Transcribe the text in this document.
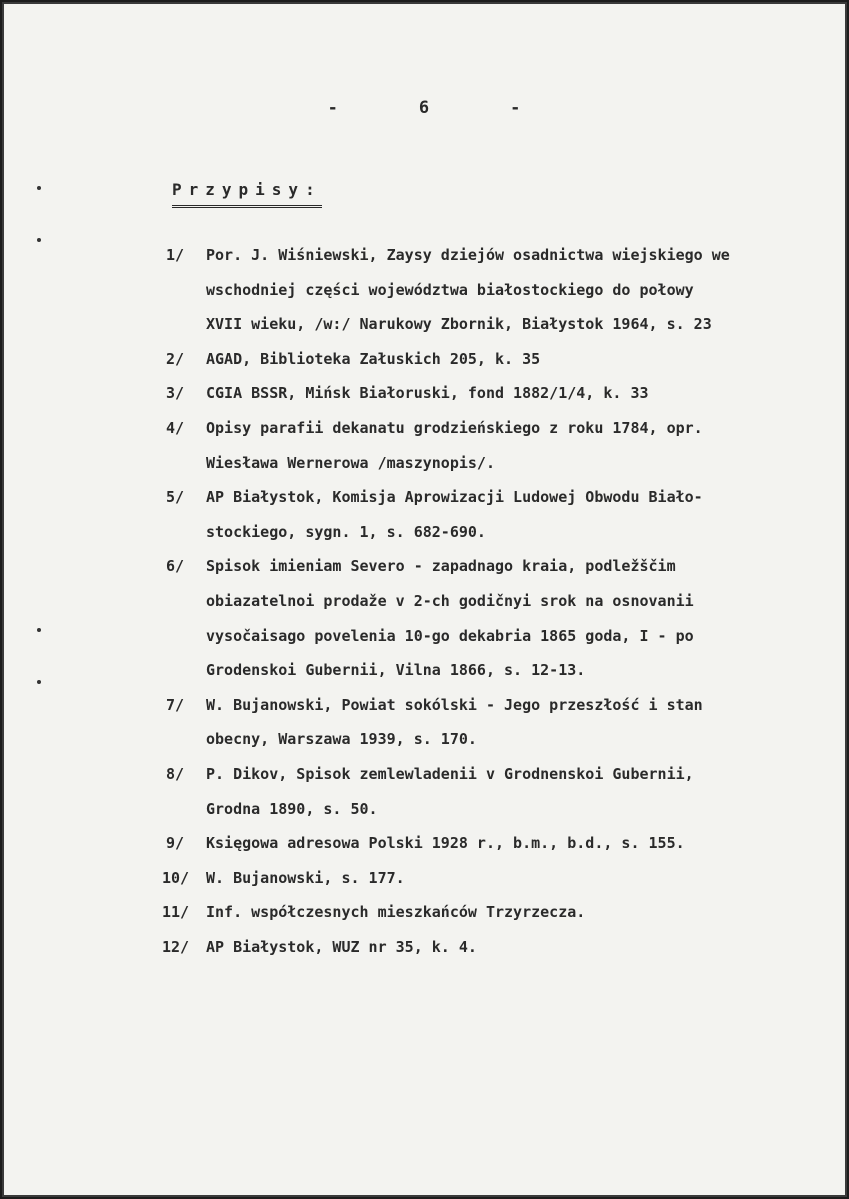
-	6	-
Przypisy:
1/ Por. J. Wiśniewski, Zaysy dziejów osadnictwa wiejskiego we
wschodniej części województwa białostockiego do połowy
XVII wieku, /w:/ Narukowy Zbornik, Białystok 1964, s. 23
2/ AGAD, Biblioteka Załuskich 205, k. 35
3/ CGIA BSSR, Mińsk Białoruski, fond 1882/1/4, k. 33
4/ Opisy parafii dekanatu grodzieńskiego z roku 1784, opr.
Wiesława Wernerowa /maszynopis/.
5/ AP Białystok, Komisja Aprowizacji Ludowej Obwodu Biało-
stockiego, sygn. 1, s. 682-690.
6/ Spisok imieniam Severo - zapadnago kraia, podležščim
obiazatelnoi prodaže v 2-ch godičnyi srok na osnovanii
vysočaisago povelenia 10-go dekabria 1865 goda, I - po
Grodenskoi Gubernii, Vilna 1866, s. 12-13.
7/ W. Bujanowski, Powiat sokólski - Jego przeszłość i stan
obecny, Warszawa 1939, s. 170.
8/ P. Dikov, Spisok zemlewladenii v Grodnenskoi Gubernii,
Grodna 1890, s. 50.
9/ Księgowa adresowa Polski 1928 r., b.m., b.d., s. 155.
10/ W. Bujanowski, s. 177.
11/ Inf. współczesnych mieszkańców Trzyrzecza.
12/ AP Białystok, WUZ nr 35, k. 4.
